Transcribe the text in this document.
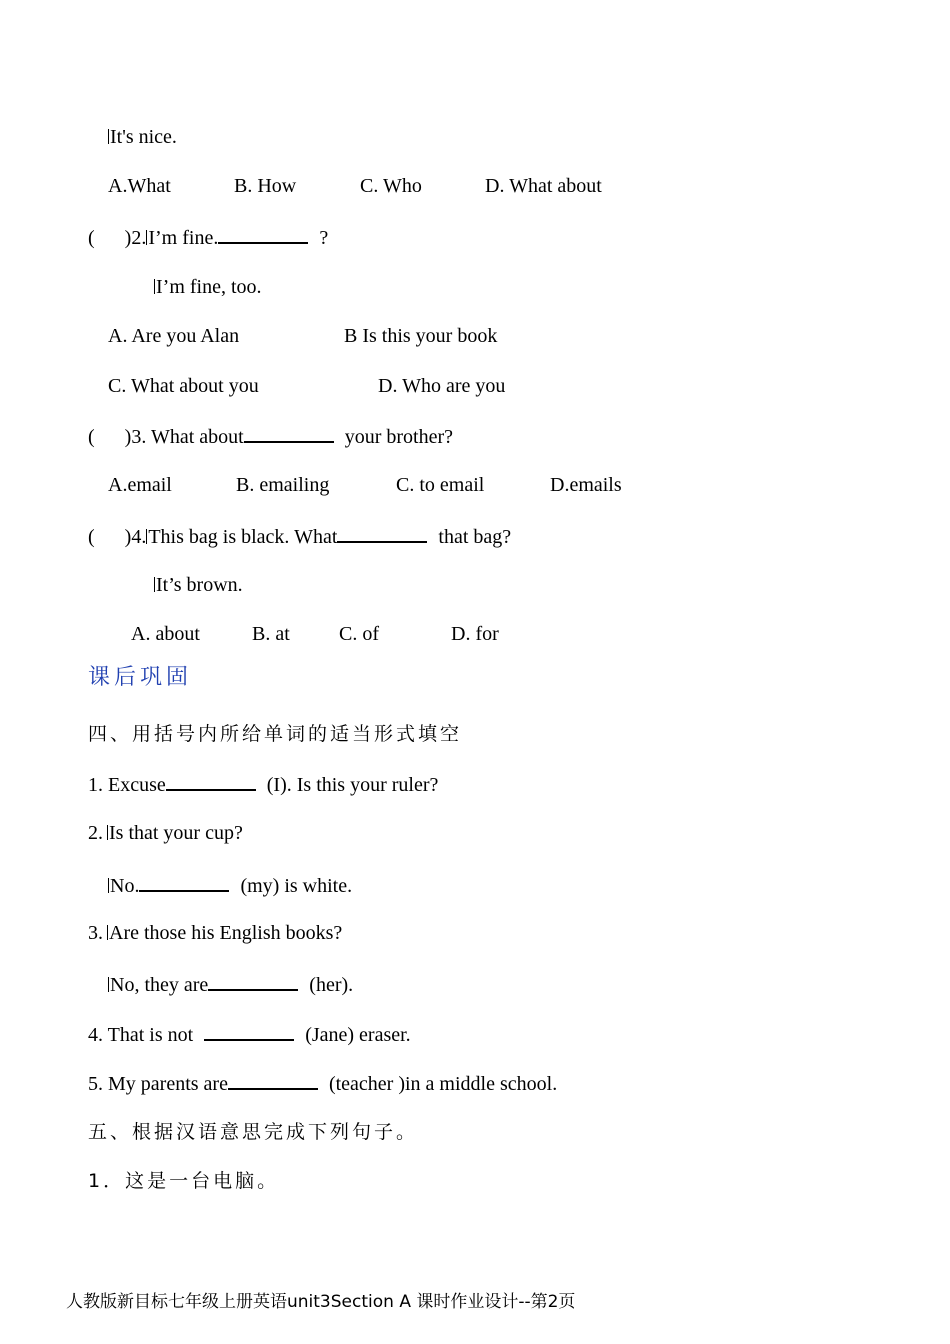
It's nice.
A.What	B. How	C. Who	D. What about
( )2. I’m fine.	?
I’m fine, too.
A. Are you Alan	B Is this your book
C. What about you	D. Who are you
( )3. What about	your brother?
A.email	B. emailing	C. to email	D.emails
( )4. This bag is black. What	that bag?
It’s brown.
A. about	B. at C. of	D. for
课后巩固
四、用括号内所给单词的适当形式填空
1. Excuse	(I). Is this your ruler?
2. Is that your cup?
No.	(my) is white.
3. Are those his English books?
No, they are	(her).
4. That is not	(Jane) eraser.
5. My parents are	(teacher )in a middle school.
五、根据汉语意思完成下列句子。
1．这是一台电脑。
人教版新目标七年级上册英语unit3Section A 课时作业设计--第2页
